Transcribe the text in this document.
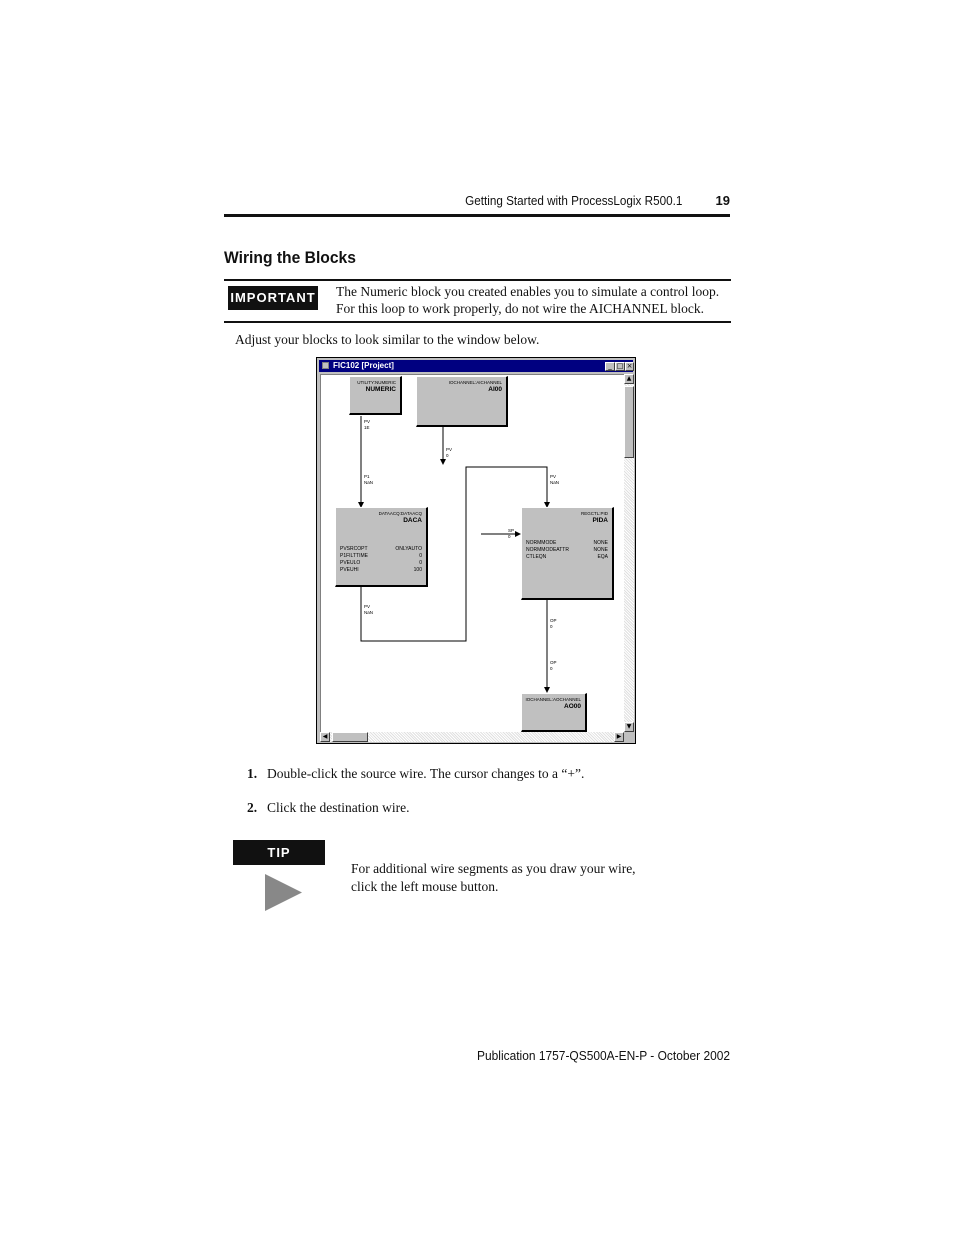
Getting Started with ProcessLogix R500.1	19
Wiring the Blocks
IMPORTANT The Numeric block you created enables you to simulate a control loop.
For this loop to work properly, do not wire the AICHANNEL block.
Adjust your blocks to look similar to the window below.
FIC102 [Project]	_ □ ×
UTILITY:NUMERIC
NUMERIC
IOCHANNEL:AICHANNEL
AI00
DATAACQ:DATAACQ
DACA
PVSRCOPT	ONLYAUTO
P1FILTTIME	0
PVEULO	0
PVEUHI	100
REGCTL:PID
PIDA
NORMMODE	NONE
NORMMODEATTR	NONE
CTLEQN	EQA
IOCHANNEL:AOCHANNEL
AO00
PV
1E
PV
0
P1
NaN
PV
NaN
SP
0
PV
NaN
OP
0
OP
0
▲
▼
◀	▶
1. Double-click the source wire. The cursor changes to a “+”.
2. Click the destination wire.
TIP
For additional wire segments as you draw your wire,
click the left mouse button.
Publication 1757-QS500A-EN-P - October 2002
